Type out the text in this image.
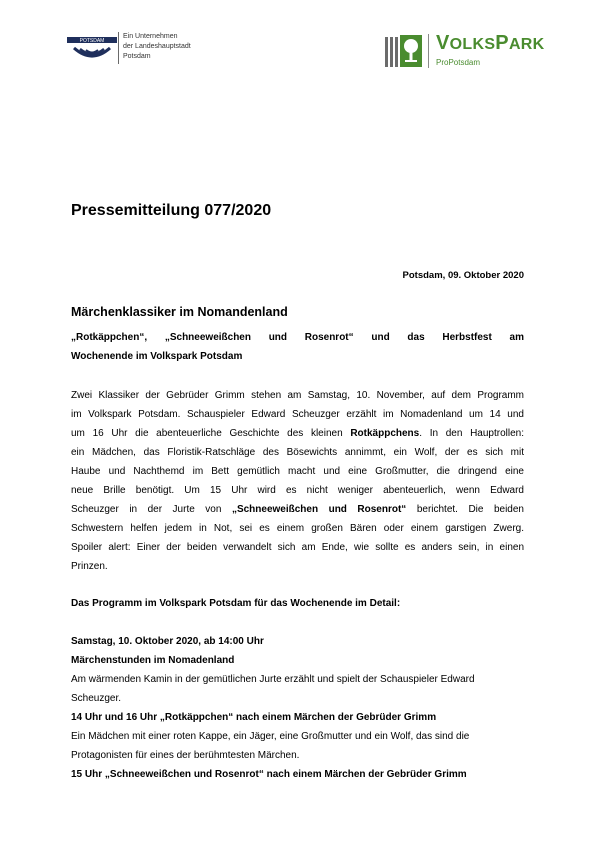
POTSDAM
Ein Unternehmen
der Landeshauptstadt
Potsdam
VOLKSPARK
ProPotsdam
Pressemitteilung 077/2020
Potsdam, 09. Oktober 2020
Märchenklassiker im Nomandenland
„Rotkäppchen“, „Schneeweißchen und Rosenrot“ und das Herbstfest am
Wochenende im Volkspark Potsdam
Zwei Klassiker der Gebrüder Grimm stehen am Samstag, 10. November, auf dem Programm
im Volkspark Potsdam. Schauspieler Edward Scheuzger erzählt im Nomadenland um 14 und
um 16 Uhr die abenteuerliche Geschichte des kleinen Rotkäppchens. In den Hauptrollen:
ein Mädchen, das Floristik-Ratschläge des Bösewichts annimmt, ein Wolf, der es sich mit
Haube und Nachthemd im Bett gemütlich macht und eine Großmutter, die dringend eine
neue Brille benötigt. Um 15 Uhr wird es nicht weniger abenteuerlich, wenn Edward
Scheuzger in der Jurte von „Schneeweißchen und Rosenrot“ berichtet. Die beiden
Schwestern helfen jedem in Not, sei es einem großen Bären oder einem garstigen Zwerg.
Spoiler alert: Einer der beiden verwandelt sich am Ende, wie sollte es anders sein, in einen
Prinzen.
Das Programm im Volkspark Potsdam für das Wochenende im Detail:
Samstag, 10. Oktober 2020, ab 14:00 Uhr
Märchenstunden im Nomadenland
Am wärmenden Kamin in der gemütlichen Jurte erzählt und spielt der Schauspieler Edward
Scheuzger.
14 Uhr und 16 Uhr „Rotkäppchen“ nach einem Märchen der Gebrüder Grimm
Ein Mädchen mit einer roten Kappe, ein Jäger, eine Großmutter und ein Wolf, das sind die
Protagonisten für eines der berühmtesten Märchen.
15 Uhr „Schneeweißchen und Rosenrot“ nach einem Märchen der Gebrüder Grimm
